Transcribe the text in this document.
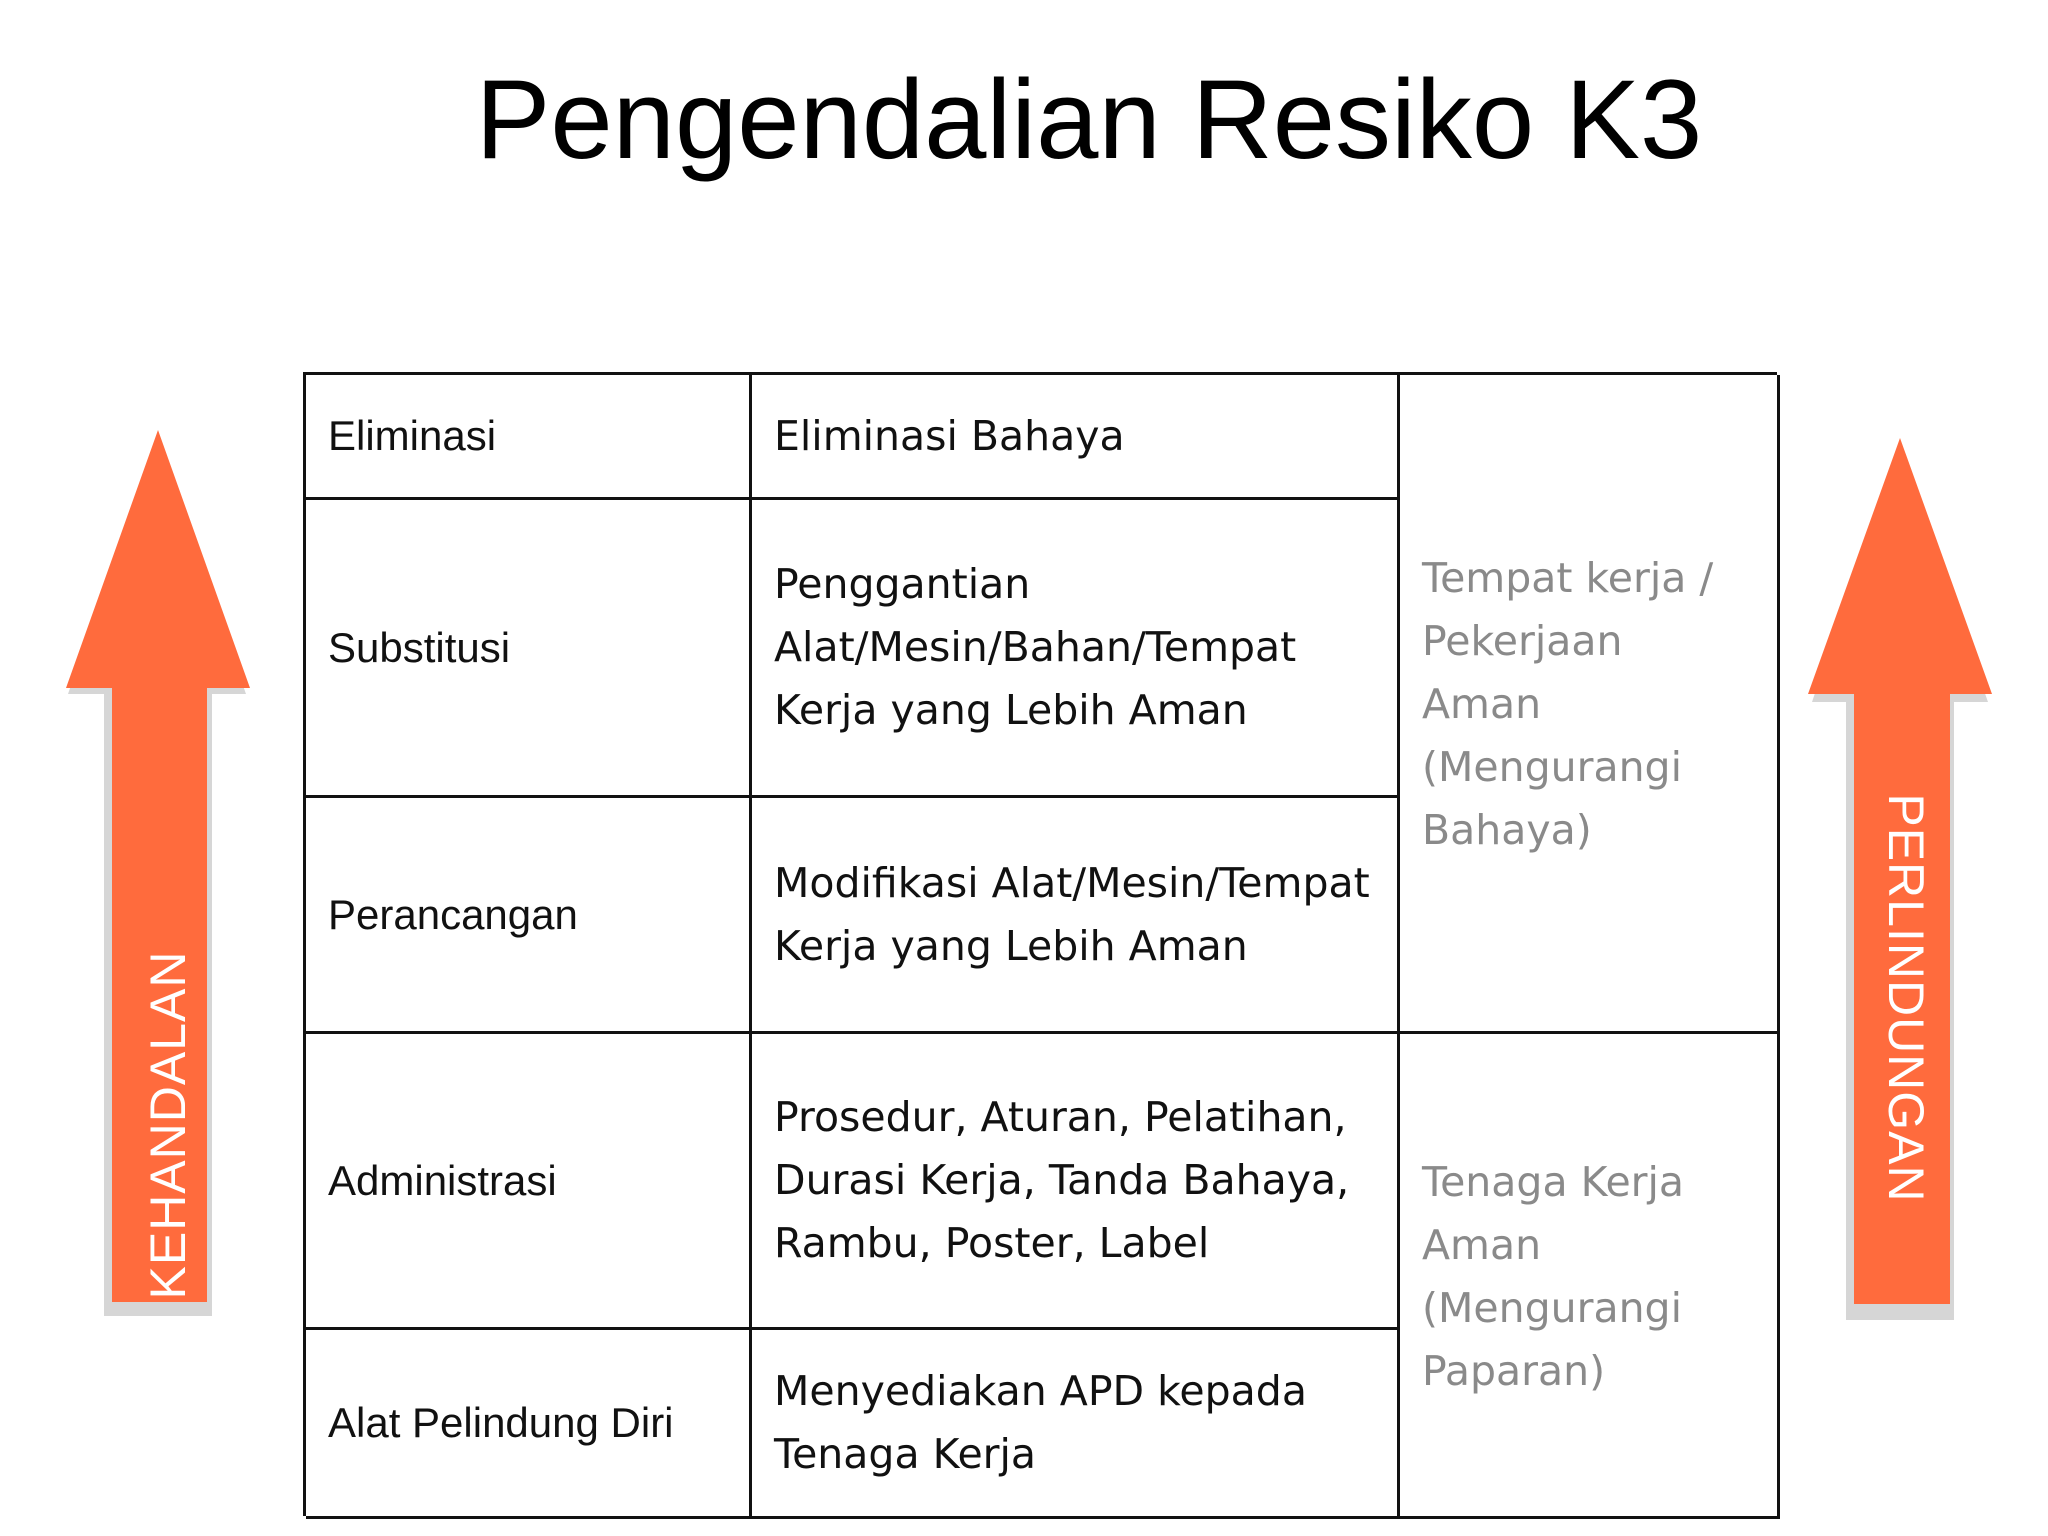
Pengendalian Resiko K3
KEHANDALAN	PERLINDUNGAN
Eliminasi	Eliminasi Bahaya
Tempat kerja /
Pekerjaan
Aman
(Mengurangi
Bahaya)
Substitusi
Penggantian
Alat/Mesin/Bahan/Tempat
Kerja yang Lebih Aman
Perancangan
Modifikasi Alat/Mesin/Tempat
Kerja yang Lebih Aman
Administrasi
Prosedur, Aturan, Pelatihan,
Durasi Kerja, Tanda Bahaya,
Rambu, Poster, Label
Tenaga Kerja
Aman
(Mengurangi
Paparan)
Alat Pelindung Diri
Menyediakan APD kepada
Tenaga Kerja
